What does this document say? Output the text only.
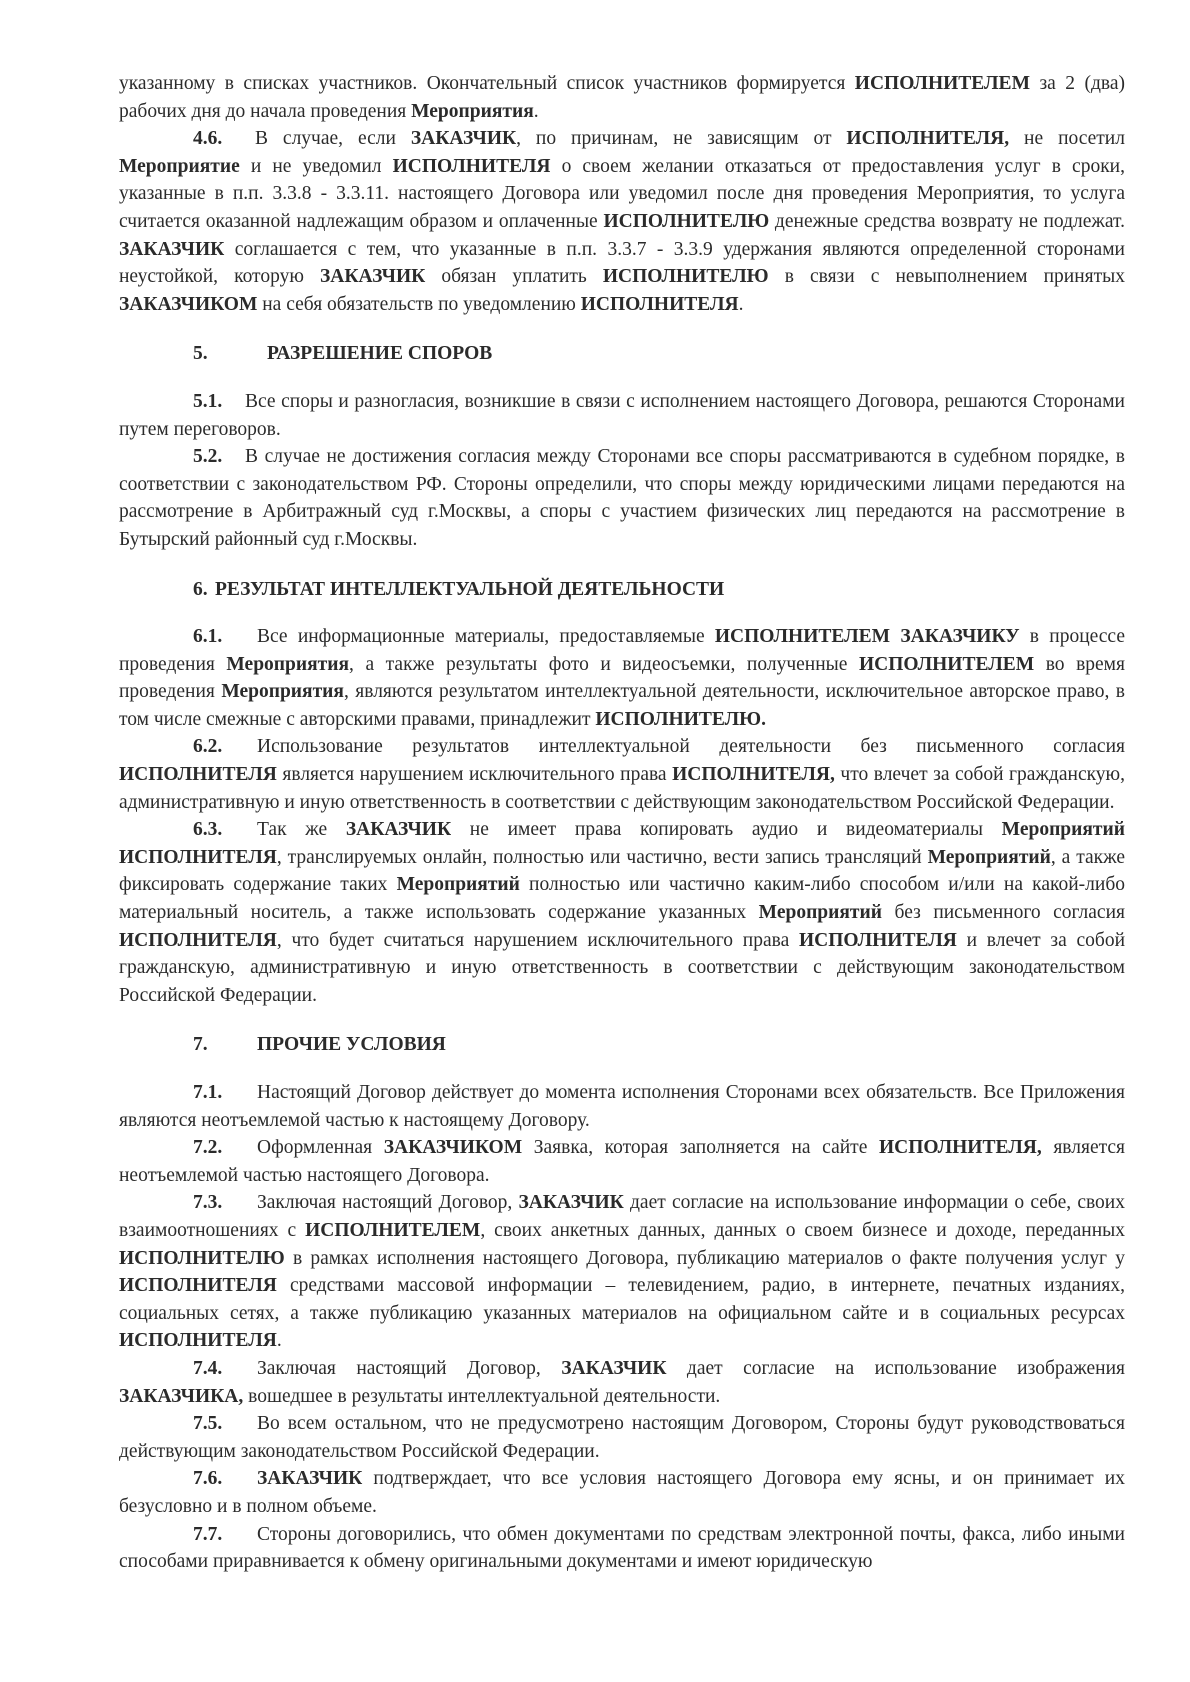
указанному в списках участников. Окончательный список участников формируется ИСПОЛНИТЕЛЕМ за 2 (два) рабочих дня до начала проведения Мероприятия.

4.6. В случае, если ЗАКАЗЧИК, по причинам, не зависящим от ИСПОЛНИТЕЛЯ, не посетил Мероприятие и не уведомил ИСПОЛНИТЕЛЯ о своем желании отказаться от предоставления услуг в сроки, указанные в п.п. 3.3.8 - 3.3.11. настоящего Договора или уведомил после дня проведения Мероприятия, то услуга считается оказанной надлежащим образом и оплаченные ИСПОЛНИТЕЛЮ денежные средства возврату не подлежат. ЗАКАЗЧИК соглашается с тем, что указанные в п.п. 3.3.7 - 3.3.9 удержания являются определенной сторонами неустойкой, которую ЗАКАЗЧИК обязан уплатить ИСПОЛНИТЕЛЮ в связи с невыполнением принятых ЗАКАЗЧИКОМ на себя обязательств по уведомлению ИСПОЛНИТЕЛЯ.

5.	РАЗРЕШЕНИЕ СПОРОВ

5.1. Все споры и разногласия, возникшие в связи с исполнением настоящего Договора, решаются Сторонами путем переговоров.

5.2. В случае не достижения согласия между Сторонами все споры рассматриваются в судебном порядке, в соответствии с законодательством РФ. Стороны определили, что споры между юридическими лицами передаются на рассмотрение в Арбитражный суд г.Москвы, а споры с участием физических лиц передаются на рассмотрение в Бутырский районный суд г.Москвы.

6. РЕЗУЛЬТАТ ИНТЕЛЛЕКТУАЛЬНОЙ ДЕЯТЕЛЬНОСТИ

6.1. Все информационные материалы, предоставляемые ИСПОЛНИТЕЛЕМ ЗАКАЗЧИКУ в процессе проведения Мероприятия, а также результаты фото и видеосъемки, полученные ИСПОЛНИТЕЛЕМ во время проведения Мероприятия, являются результатом интеллектуальной деятельности, исключительное авторское право, в том числе смежные с авторскими правами, принадлежит ИСПОЛНИТЕЛЮ.

6.2. Использование результатов интеллектуальной деятельности без письменного согласия ИСПОЛНИТЕЛЯ является нарушением исключительного права ИСПОЛНИТЕЛЯ, что влечет за собой гражданскую, административную и иную ответственность в соответствии с действующим законодательством Российской Федерации.

6.3. Так же ЗАКАЗЧИК не имеет права копировать аудио и видеоматериалы Мероприятий ИСПОЛНИТЕЛЯ, транслируемых онлайн, полностью или частично, вести запись трансляций Мероприятий, а также фиксировать содержание таких Мероприятий полностью или частично каким-либо способом и/или на какой-либо материальный носитель, а также использовать содержание указанных Мероприятий без письменного согласия ИСПОЛНИТЕЛЯ, что будет считаться нарушением исключительного права ИСПОЛНИТЕЛЯ и влечет за собой гражданскую, административную и иную ответственность в соответствии с действующим законодательством Российской Федерации.

7.	ПРОЧИЕ УСЛОВИЯ

7.1. Настоящий Договор действует до момента исполнения Сторонами всех обязательств. Все Приложения являются неотъемлемой частью к настоящему Договору.

7.2. Оформленная ЗАКАЗЧИКОМ Заявка, которая заполняется на сайте ИСПОЛНИТЕЛЯ, является неотъемлемой частью настоящего Договора.

7.3. Заключая настоящий Договор, ЗАКАЗЧИК дает согласие на использование информации о себе, своих взаимоотношениях с ИСПОЛНИТЕЛЕМ, своих анкетных данных, данных о своем бизнесе и доходе, переданных ИСПОЛНИТЕЛЮ в рамках исполнения настоящего Договора, публикацию материалов о факте получения услуг у ИСПОЛНИТЕЛЯ средствами массовой информации – телевидением, радио, в интернете, печатных изданиях, социальных сетях, а также публикацию указанных материалов на официальном сайте и в социальных ресурсах ИСПОЛНИТЕЛЯ.

7.4. Заключая настоящий Договор, ЗАКАЗЧИК дает согласие на использование изображения ЗАКАЗЧИКА, вошедшее в результаты интеллектуальной деятельности.

7.5. Во всем остальном, что не предусмотрено настоящим Договором, Стороны будут руководствоваться действующим законодательством Российской Федерации.

7.6. ЗАКАЗЧИК подтверждает, что все условия настоящего Договора ему ясны, и он принимает их безусловно и в полном объеме.

7.7. Стороны договорились, что обмен документами по средствам электронной почты, факса, либо иными способами приравнивается к обмену оригинальными документами и имеют юридическую
